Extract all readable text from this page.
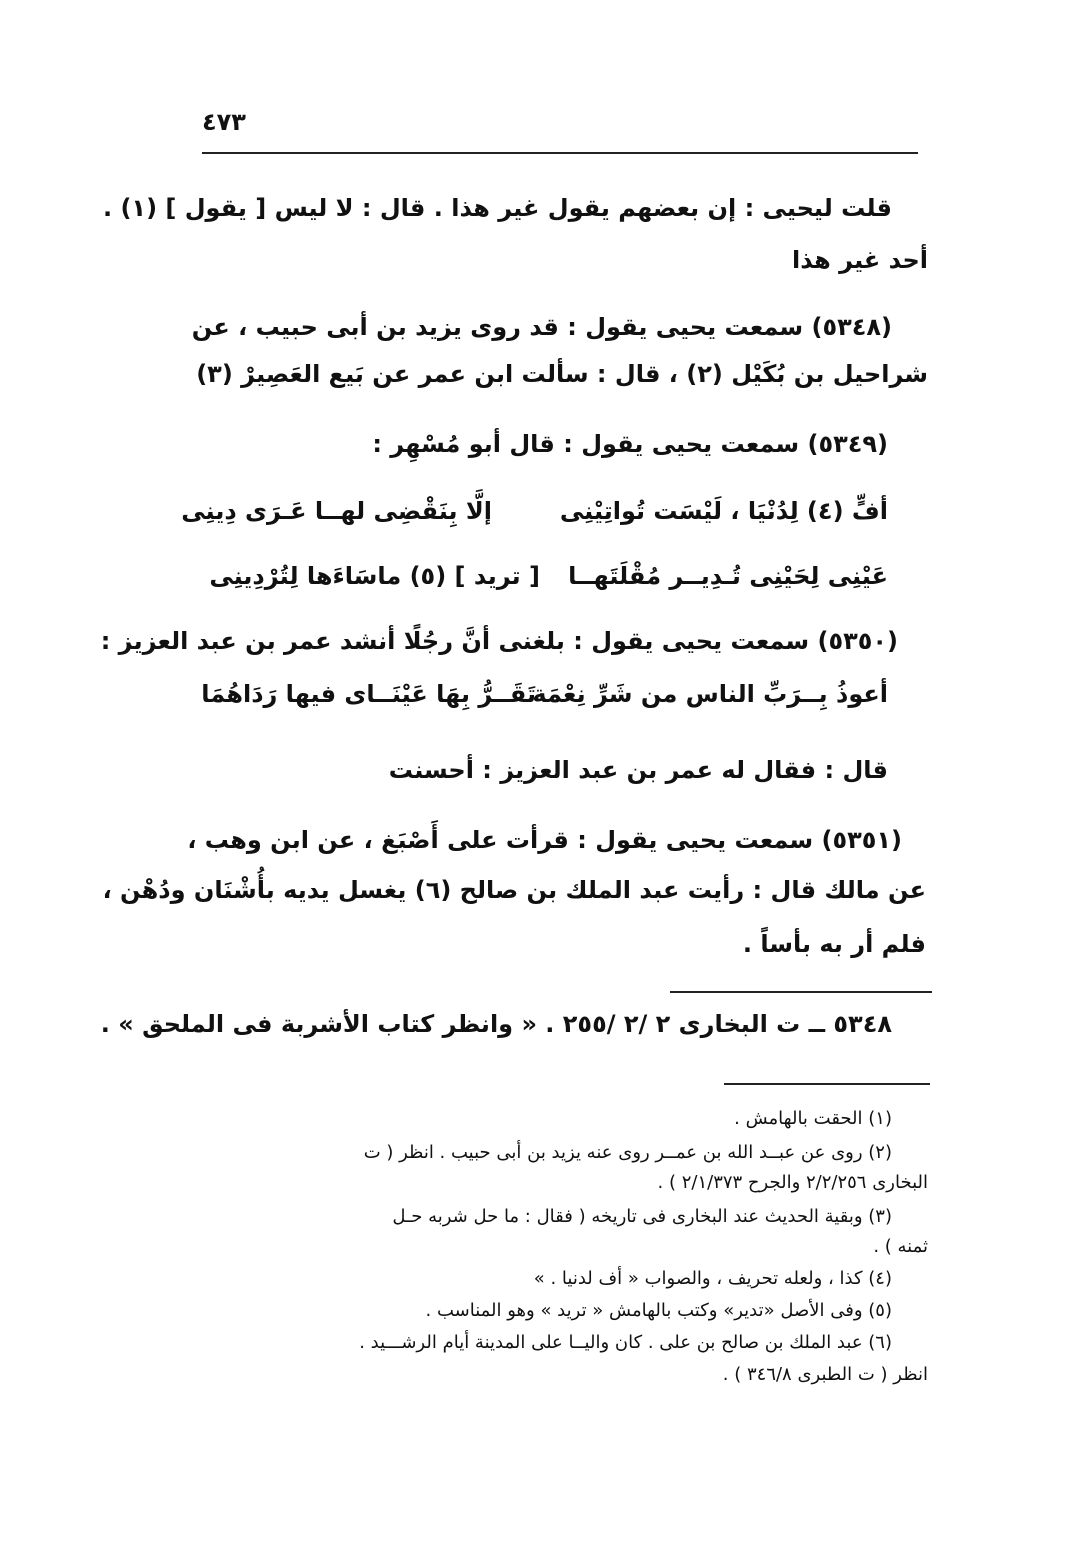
٤٧٣
قلت ليحيى : إن بعضهم يقول غير هذا . قال : لا ليس [ يقول ] (١) .
أحد غير هذا
(٥٣٤٨) سمعت يحيى يقول : قد روى يزيد بن أبى حبيب ، عن
شراحيل بن بُكَيْل (٢) ، قال : سألت ابن عمر عن بَيع العَصِيرْ (٣)
(٥٣٤٩) سمعت يحيى يقول : قال أبو مُسْهِر :
أفٍّ (٤) لِدُنْيَا ، لَيْسَت تُواتِيْنِى
إلَّا بِنَقْضِى لهــا عَـرَى دِينِى
عَيْنِى لِحَيْنِى تُـدِيــر مُقْلَتَهــا
[ تريد ] (٥) ماسَاءَها لِتُرْدِينِى
(٥٣٥٠) سمعت يحيى يقول : بلغنى أنَّ رجُلًا أنشد عمر بن عبد العزيز :
أعوذُ بِــرَبِّ الناس من شَرِّ نِعْمَة
تَقَــرُّ بِهَا عَيْنَــاى فيها رَدَاهُمَا
قال : فقال له عمر بن عبد العزيز : أحسنت
(٥٣٥١) سمعت يحيى يقول : قرأت على أَصْبَغ ، عن ابن وهب ،
عن مالك قال : رأيت عبد الملك بن صالح (٦) يغسل يديه بأُشْنَان ودُهْن ،
فلم أر به بأساً .
٥٣٤٨ ــ ت البخارى ٢ /٢ /٢٥٥ . « وانظر كتاب الأشربة فى الملحق » .
(١) الحقت بالهامش .
(٢) روى عن عبــد الله بن عمــر روى عنه يزيد بن أبى حبيب . انظر ( ت
البخارى ٢/٢/٢٥٦ والجرح ٢/١/٣٧٣ ) .
(٣) وبقية الحديث عند البخارى فى تاريخه ( فقال : ما حل شربه حـل
ثمنه ) .
(٤) كذا ، ولعله تحريف ، والصواب « أف لدنيا . »
(٥) وفى الأصل «تدير» وكتب بالهامش « تريد » وهو المناسب .
(٦) عبد الملك بن صالح بن على . كان واليــا على المدينة أيام الرشـــيد .
انظر ( ت الطبرى ٣٤٦/٨ ) .
